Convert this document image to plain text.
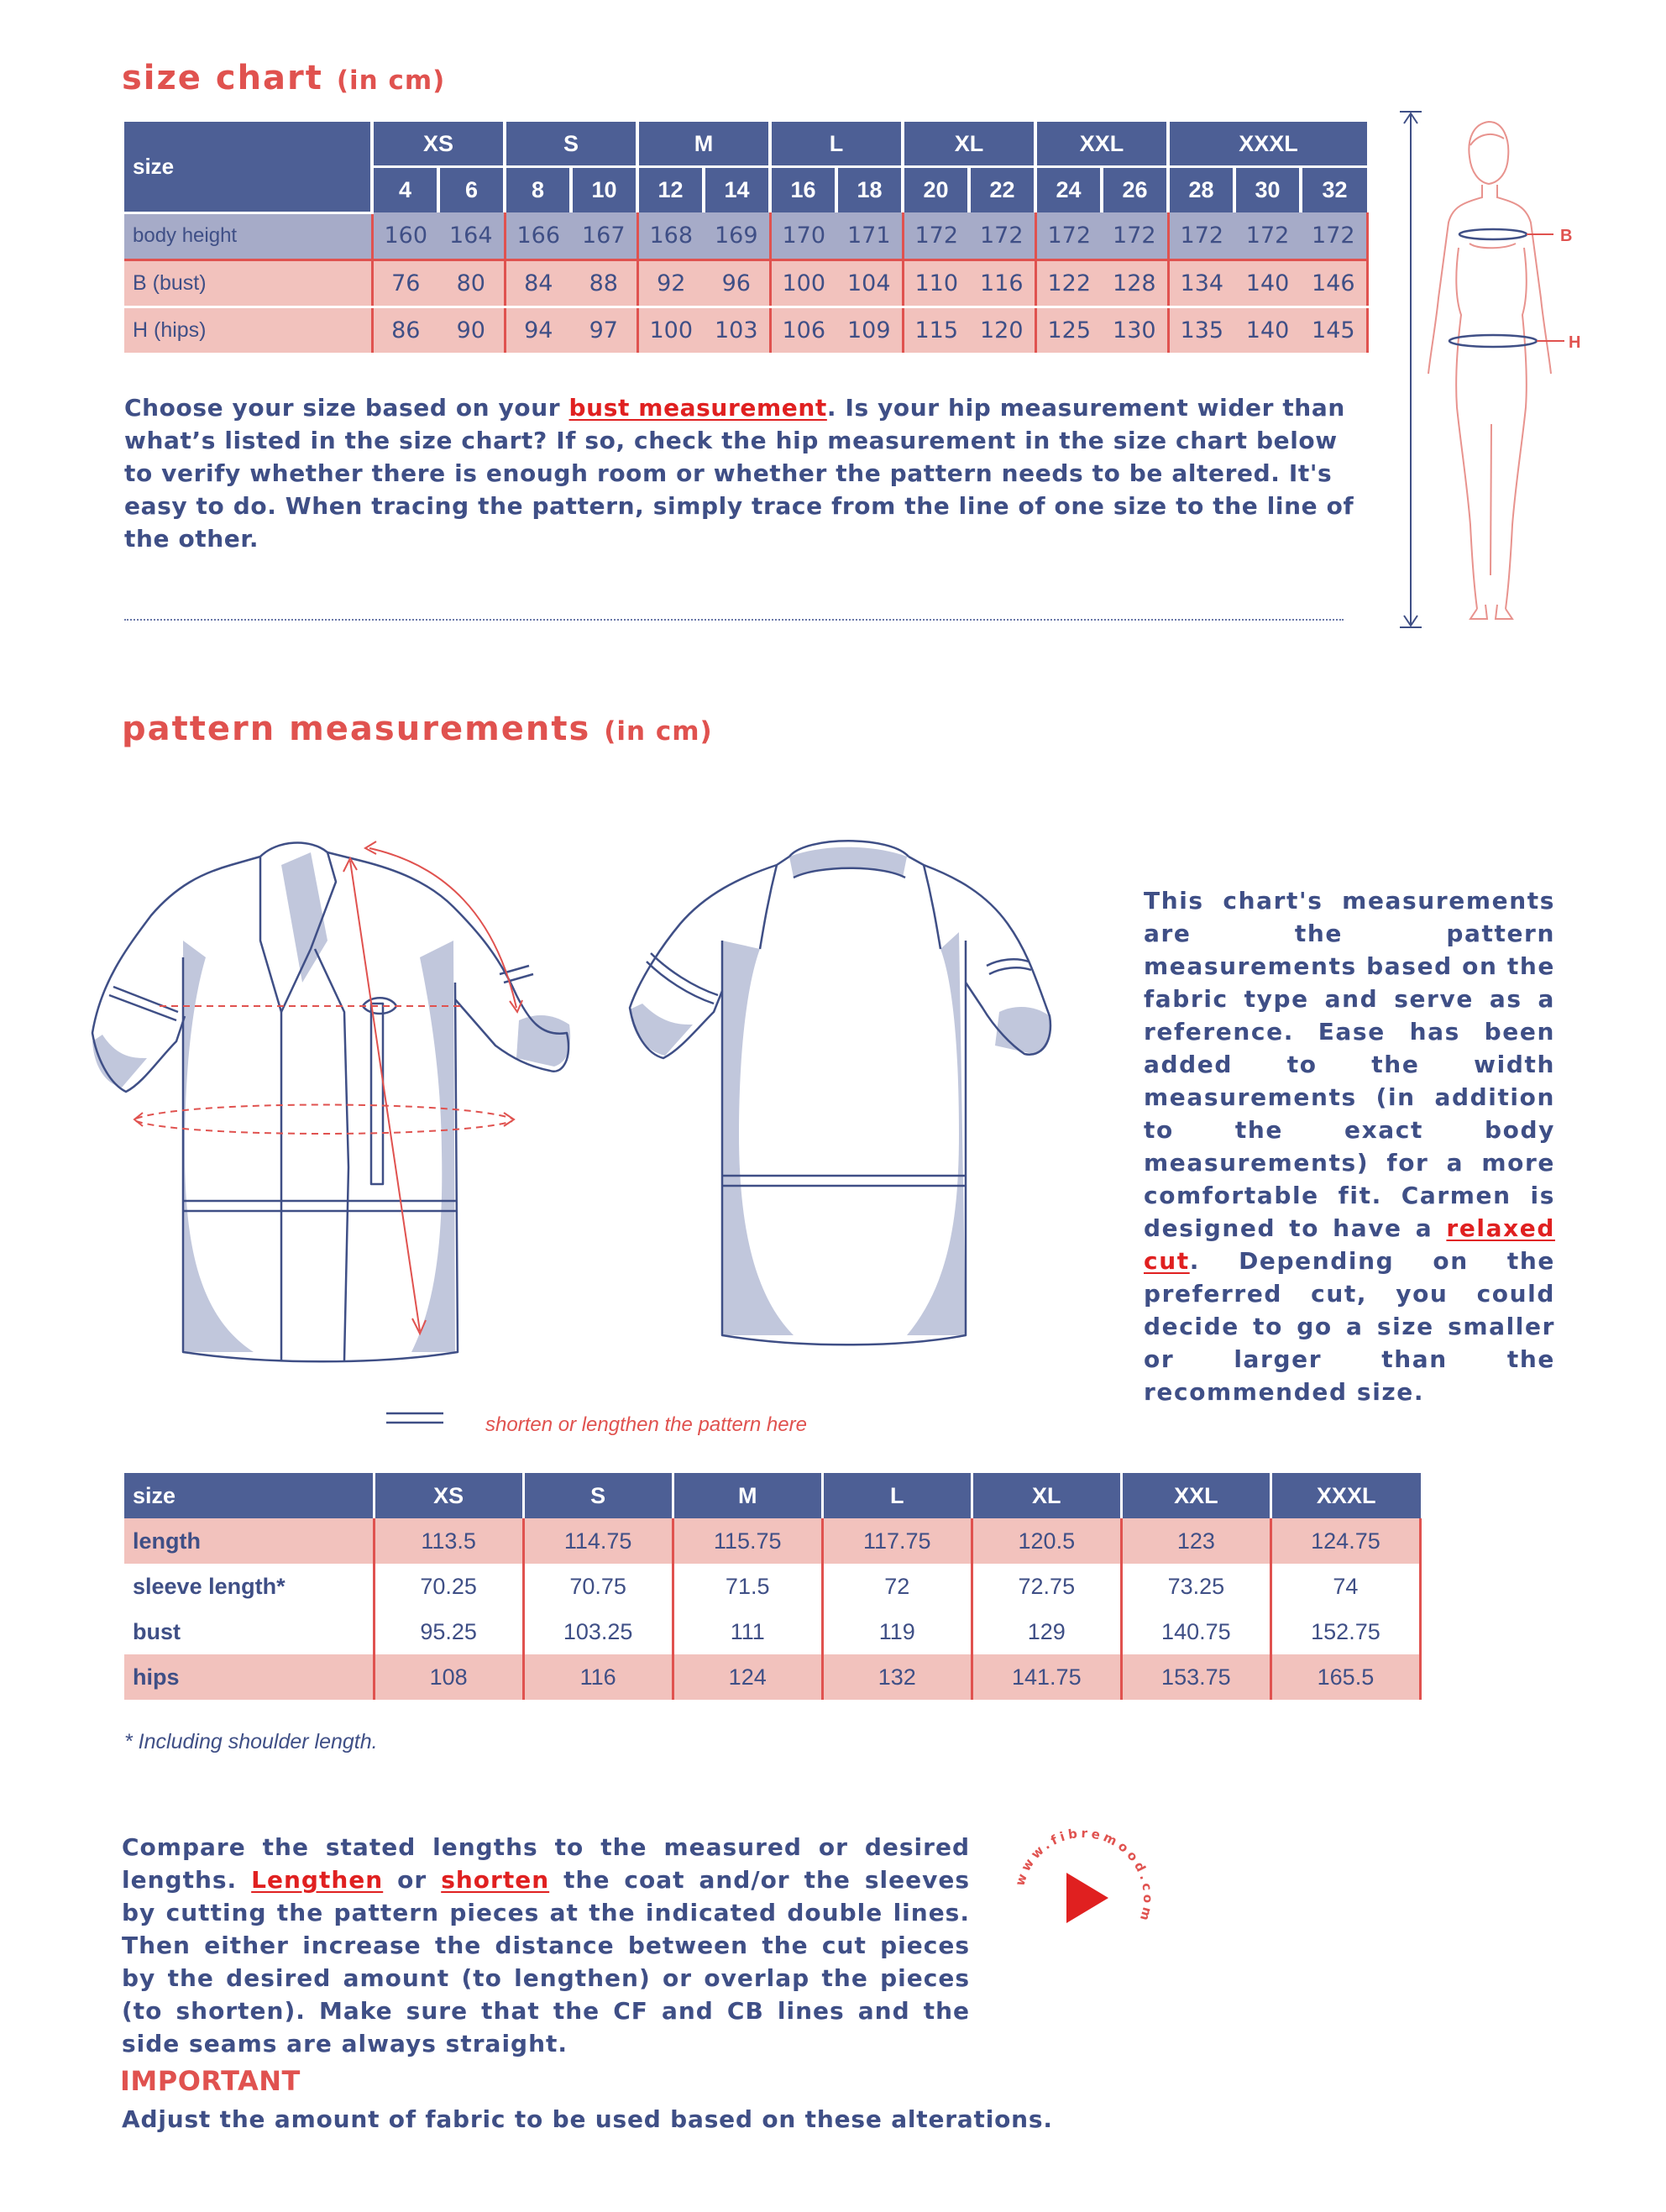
size chart (in cm)
size	XS		S		M		L		XL		XXL		XXXL		
	4	6	8	10	12	14	16	18	20	22	24	26	28	30	32
body height	160	164	166	167	168	169	170	171	172	172	172	172	172	172	172
B (bust)	76	80	84	88	92	96	100	104	110	116	122	128	134	140	146
H (hips)	86	90	94	97	100	103	106	109	115	120	125	130	135	140	145

Choose your size based on your bust measurement. Is your hip measurement wider than what’s listed in the size chart? If so, check the hip measurement in the size chart below to verify whether there is enough room or whether the pattern needs to be altered. It's easy to do. When tracing the pattern, simply trace from the line of one size to the line of the other.

B
H
pattern measurements (in cm)

shorten or lengthen the pattern here

This chart's measurements are the pattern measurements based on the fabric type and serve as a reference. Ease has been added to the width measurements (in addition to the exact body measurements) for a more comfortable fit. Carmen is designed to have a relaxed cut. Depending on the preferred cut, you could decide to go a size smaller or larger than the recommended size.

size	XS	S	M	L	XL	XXL	XXXL
length	113.5	114.75	115.75	117.75	120.5	123	124.75
sleeve length*	70.25	70.75	71.5	72	72.75	73.25	74
bust	95.25	103.25	111	119	129	140.75	152.75
hips	108	116	124	132	141.75	153.75	165.5

* Including shoulder length.

Compare the stated lengths to the measured or desired lengths. Lengthen or shorten the coat and/or the sleeves by cutting the pattern pieces at the indicated double lines. Then either increase the distance between the cut pieces by the desired amount (to lengthen) or overlap the pieces (to shorten). Make sure that the CF and CB lines and the side seams are always straight.

www.fibremood.com
IMPORTANT

Adjust the amount of fabric to be used based on these alterations.
